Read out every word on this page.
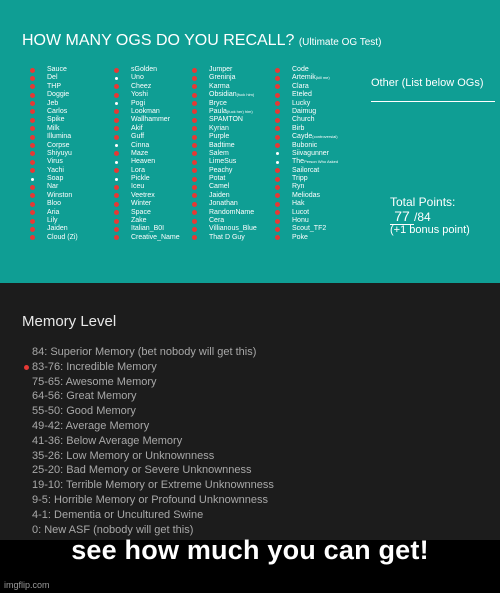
HOW MANY OGS DO YOU RECALL? (Ultimate OG Test)
Sauce
Del
THP
Doggie
Jeb
Carlos
Spike
Milk
Illumina
Corpse
Shiyuyu
Virus
Yachi
Soap
Nar
Winston
Bloo
Aria
Lily
Jaiden
Cloud (Zi)
sGolden
Uno
Cheez
Yoshi
Pogi
Lookman
Wallhammer
Akif
Guff
Cinna
Maze
Heaven
Lora
Pickle
Iceu
Veetrex
Winter
Space
Zake
Italian_B0I
Creative_Name
Jumper
Greninja
Karma
Obsidian(fuck him)
Bryce
Paula(fuck her) him)
SPAMTON
Kyrian
Purple
Badtime
Salem
LimeSus
Peachy
Potat
Camel
Jaiden
Jonathan
RandomName
Cera
Villianous_Blue
That D Guy
Code
Artemik(kill me)
Clara
Eteled
Lucky
Daimug
Church
Birb
Cayde(controversial)
Bubonic
Siivagunner
ThePerson Who Asked
Sailorcat
Tripp
Ryn
Meliodas
Hak
Lucot
Honu
Scout_TF2
Poke
Other (List below OGs)
Total Points:
77 /84
(+1 bonus point)
Memory Level
84: Superior Memory (bet nobody will get this)
83-76: Incredible Memory
75-65: Awesome Memory
64-56: Great Memory
55-50: Good Memory
49-42: Average Memory
41-36: Below Average Memory
35-26: Low Memory or Unknownness
25-20: Bad Memory or Severe Unknownness
19-10: Terrible Memory or Extreme Unknownness
9-5: Horrible Memory or Profound Unknownness
4-1: Dementia or Uncultured Swine
0: New ASF (nobody will get this)
see how much you can get!
imgflip.com
